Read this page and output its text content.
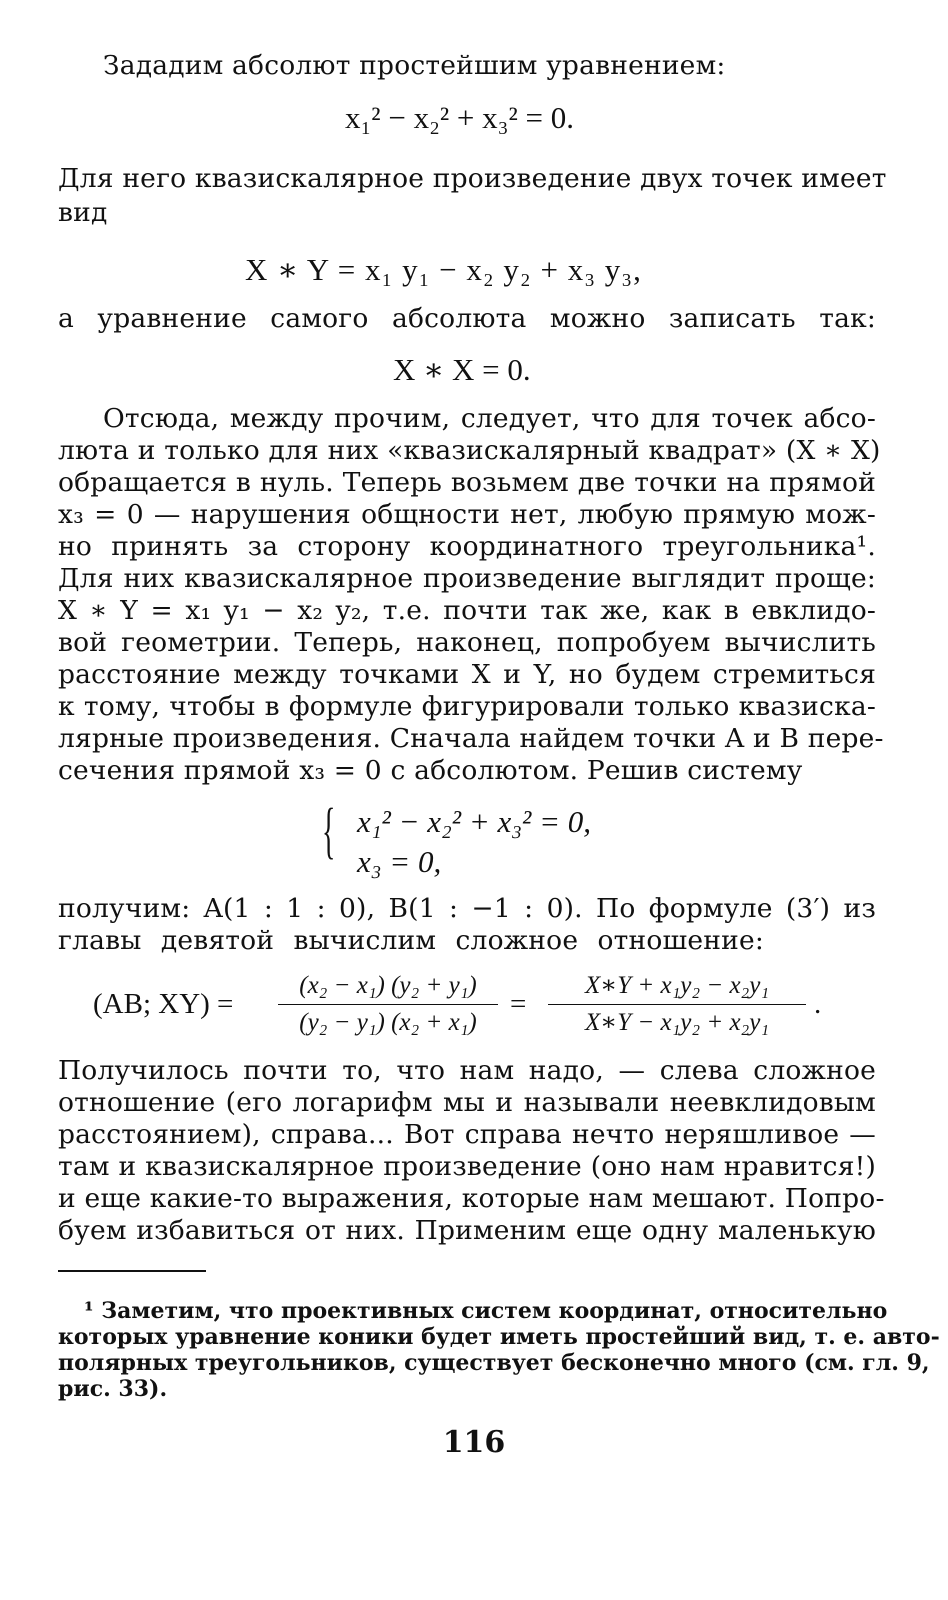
Зададим абсолют простейшим уравнением:
x₁² − x₂² + x₃² = 0.
Для него квазискалярное произведение двух точек имеет
вид
X ∗ Y = x₁ y₁ − x₂ y₂ + x₃ y₃,
а уравнение самого абсолюта можно записать так:
X ∗ X = 0.
Отсюда, между прочим, следует, что для точек абсо-
люта и только для них «квазискалярный квадрат» (X ∗ X)
обращается в нуль. Теперь возьмем две точки на прямой
x₃ = 0 — нарушения общности нет, любую прямую мож-
но принять за сторону координатного треугольника¹.
Для них квазискалярное произведение выглядит проще:
X ∗ Y = x₁ y₁ − x₂ y₂, т.е. почти так же, как в евклидо-
вой геометрии. Теперь, наконец, попробуем вычислить
расстояние между точками X и Y, но будем стремиться
к тому, чтобы в формуле фигурировали только квазиска-
лярные произведения. Сначала найдем точки A и B пере-
сечения прямой x₃ = 0 с абсолютом. Решив систему
{ x₁² − x₂² + x₃² = 0,
x₃ = 0,
получим: A(1 : 1 : 0), B(1 : −1 : 0). По формуле (3′) из
главы девятой вычислим сложное отношение:
(AB; $XY) = \frac{\text{(x₂ − x₁) (y₂ + y₁)}}{\text{(y₂ − y₁) (x₂ + x₁)}} = \frac{\text{X∗Y + x₁y₂ − x₂y₁}}{\text{X∗Y − x₁y₂ + x₂y₁}}$ .
Получилось почти то, что нам надо, — слева сложное
отношение (его логарифм мы и называли неевклидовым
расстоянием), справа... Вот справа нечто неряшливое —
там и квазискалярное произведение (оно нам нравится!)
и еще какие-то выражения, которые нам мешают. Попро-
буем избавиться от них. Применим еще одну маленькую
¹ Заметим, что проективных систем координат, относительно
которых уравнение коники будет иметь простейший вид, т. е. авто-
полярных треугольников, существует бесконечно много (см. гл. 9,
рис. 33).
116
